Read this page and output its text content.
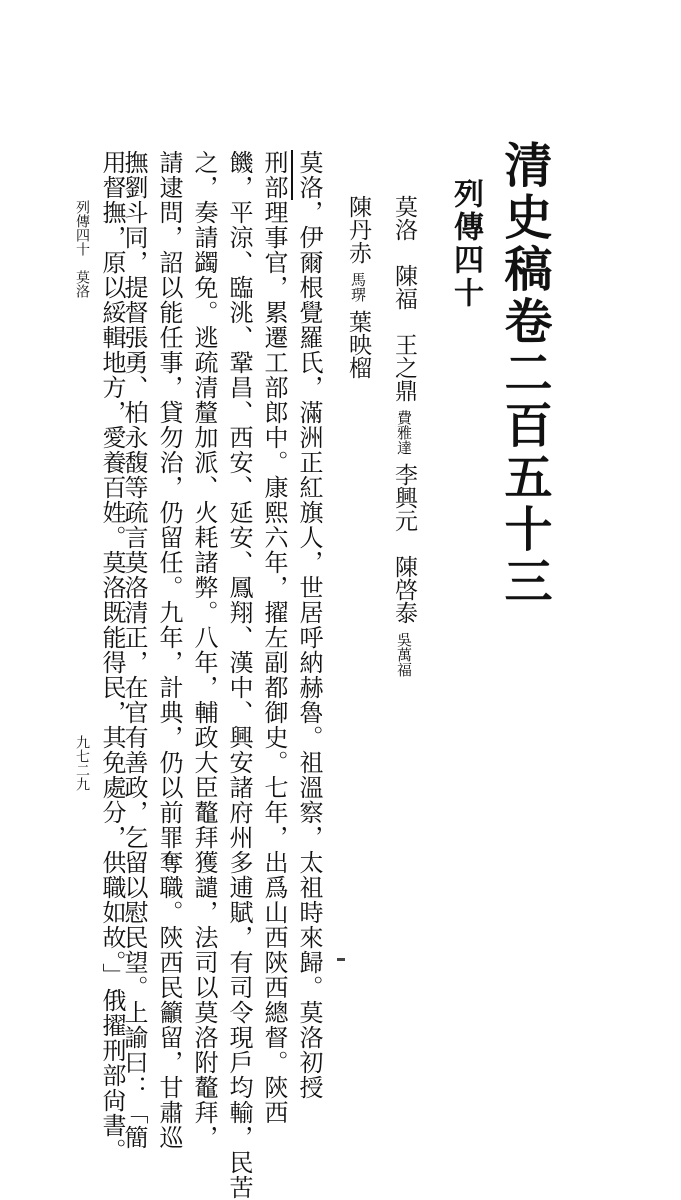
清史稿卷二百五十三
列傳四十
莫洛　陳福　王之鼎費雅達李興元　陳啓泰吳萬福
陳丹赤馬琾葉映榴
莫洛，伊爾根覺羅氏，滿洲正紅旗人，世居呼納赫魯。祖溫察，太祖時來歸。莫洛初授
刑部理事官，累遷工部郎中。康熙六年，擢左副都御史。七年，出爲山西陝西總督。陝西
饑，平涼、臨洮、鞏昌、西安、延安、鳳翔、漢中、興安諸府州多逋賦，有司令現戶均輸，民苦
之，奏請蠲免。逃疏清釐加派、火耗諸弊。八年，輔政大臣鼇拜獲譴，法司以莫洛附鼇拜，
請逮問，詔以能任事，貸勿治，仍留任。九年，計典，仍以前罪奪職。陝西民籲留，甘肅巡
撫劉斗同，提督張勇、柏永馥等疏言莫洛清正，在官有善政，乞留以慰民望。上諭曰：「簡
用督撫，原以綏輯地方，愛養百姓。莫洛既能得民，其免處分，供職如故。」俄擢刑部尙書。
列傳四十　莫洛
九七二九
